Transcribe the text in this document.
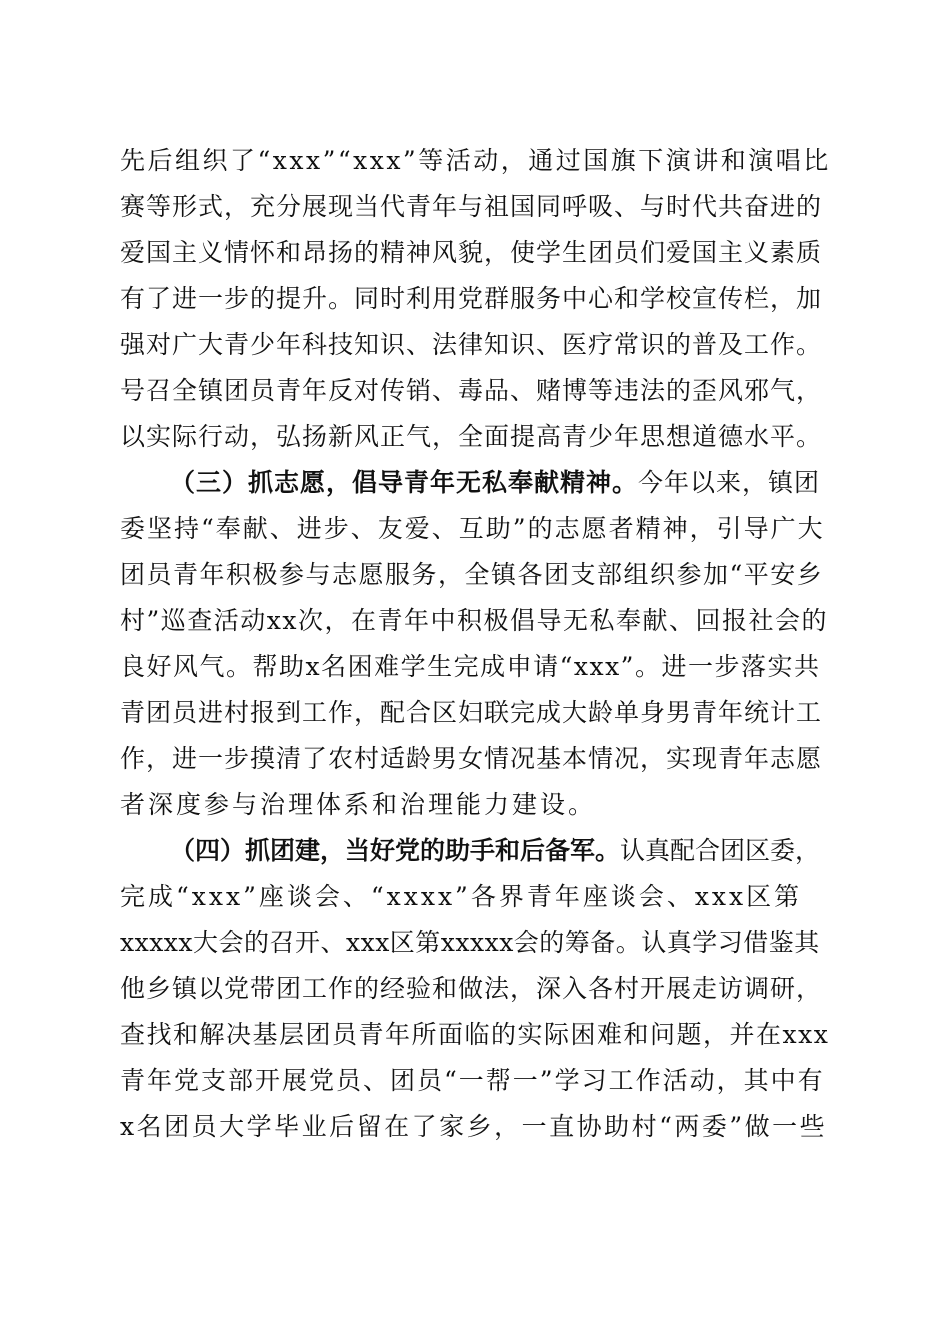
先后组织了“xxx”“xxx”等活动，通过国旗下演讲和演唱比
赛等形式，充分展现当代青年与祖国同呼吸、与时代共奋进的
爱国主义情怀和昂扬的精神风貌，使学生团员们爱国主义素质
有了进一步的提升。同时利用党群服务中心和学校宣传栏，加
强对广大青少年科技知识、法律知识、医疗常识的普及工作。
号召全镇团员青年反对传销、毒品、赌博等违法的歪风邪气，
以实际行动，弘扬新风正气，全面提高青少年思想道德水平。
（三）抓志愿，倡导青年无私奉献精神。今年以来，镇团
委坚持“奉献、进步、友爱、互助”的志愿者精神，引导广大
团员青年积极参与志愿服务，全镇各团支部组织参加“平安乡
村”巡查活动xx次，在青年中积极倡导无私奉献、回报社会的
良好风气。帮助x名困难学生完成申请“xxx”。进一步落实共
青团员进村报到工作，配合区妇联完成大龄单身男青年统计工
作，进一步摸清了农村适龄男女情况基本情况，实现青年志愿
者深度参与治理体系和治理能力建设。
（四）抓团建，当好党的助手和后备军。认真配合团区委，
完成“xxx”座谈会、“xxxx”各界青年座谈会、xxx区第
xxxxx大会的召开、xxx区第xxxxx会的筹备。认真学习借鉴其
他乡镇以党带团工作的经验和做法，深入各村开展走访调研，
查找和解决基层团员青年所面临的实际困难和问题，并在xxx
青年党支部开展党员、团员“一帮一”学习工作活动，其中有
x名团员大学毕业后留在了家乡，一直协助村“两委”做一些
